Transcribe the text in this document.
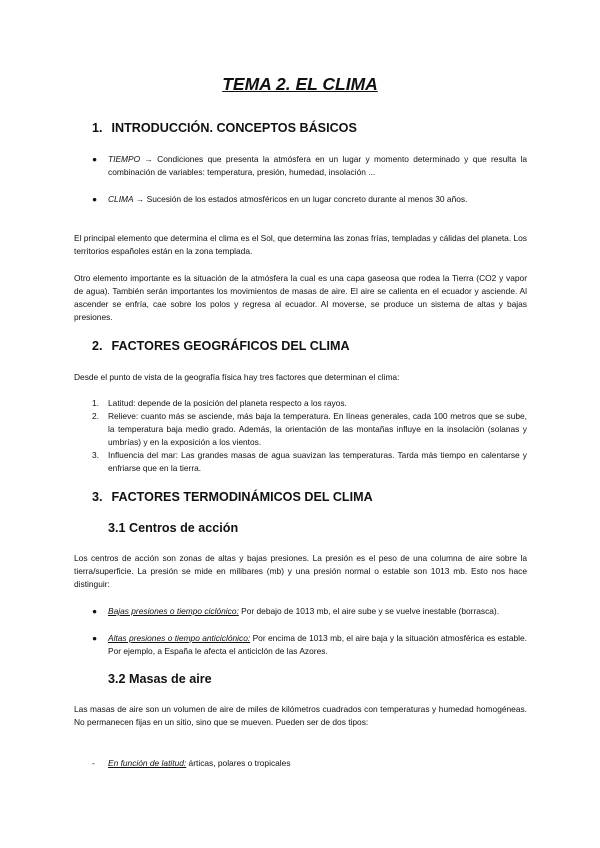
TEMA 2. EL CLIMA
1. INTRODUCCIÓN. CONCEPTOS BÁSICOS
● TIEMPO → Condiciones que presenta la atmósfera en un lugar y momento determinado y que resulta la combinación de variables: temperatura, presión, humedad, insolación ...
● CLIMA → Sucesión de los estados atmosféricos en un lugar concreto durante al menos 30 años.

El principal elemento que determina el clima es el Sol, que determina las zonas frías, templadas y cálidas del planeta. Los territorios españoles están en la zona templada.

Otro elemento importante es la situación de la atmósfera la cual es una capa gaseosa que rodea la Tierra (CO2 y vapor de agua). También serán importantes los movimientos de masas de aire. El aire se calienta en el ecuador y asciende. Al ascender se enfría, cae sobre los polos y regresa al ecuador. Al moverse, se produce un sistema de altas y bajas presiones.

2. FACTORES GEOGRÁFICOS DEL CLIMA

Desde el punto de vista de la geografía física hay tres factores que determinan el clima:

1. Latitud: depende de la posición del planeta respecto a los rayos.
2. Relieve: cuanto más se asciende, más baja la temperatura. En líneas generales, cada 100 metros que se sube, la temperatura baja medio grado. Además, la orientación de las montañas influye en la insolación (solanas y umbrías) y en la exposición a los vientos.
3. Influencia del mar: Las grandes masas de agua suavizan las temperaturas. Tarda más tiempo en calentarse y enfriarse que en la tierra.
3. FACTORES TERMODINÁMICOS DEL CLIMA
3.1 Centros de acción

Los centros de acción son zonas de altas y bajas presiones. La presión es el peso de una columna de aire sobre la tierra/superficie. La presión se mide en milibares (mb) y una presión normal o estable son 1013 mb. Esto nos hace distinguir:

● Bajas presiones o tiempo ciclónico: Por debajo de 1013 mb, el aire sube y se vuelve inestable (borrasca).
● Altas presiones o tiempo anticiclónico: Por encima de 1013 mb, el aire baja y la situación atmosférica es estable. Por ejemplo, a España le afecta el anticiclón de las Azores.
3.2 Masas de aire

Las masas de aire son un volumen de aire de miles de kilómetros cuadrados con temperaturas y humedad homogéneas. No permanecen fijas en un sitio, sino que se mueven. Pueden ser de dos tipos:

- En función de latitud: árticas, polares o tropicales
